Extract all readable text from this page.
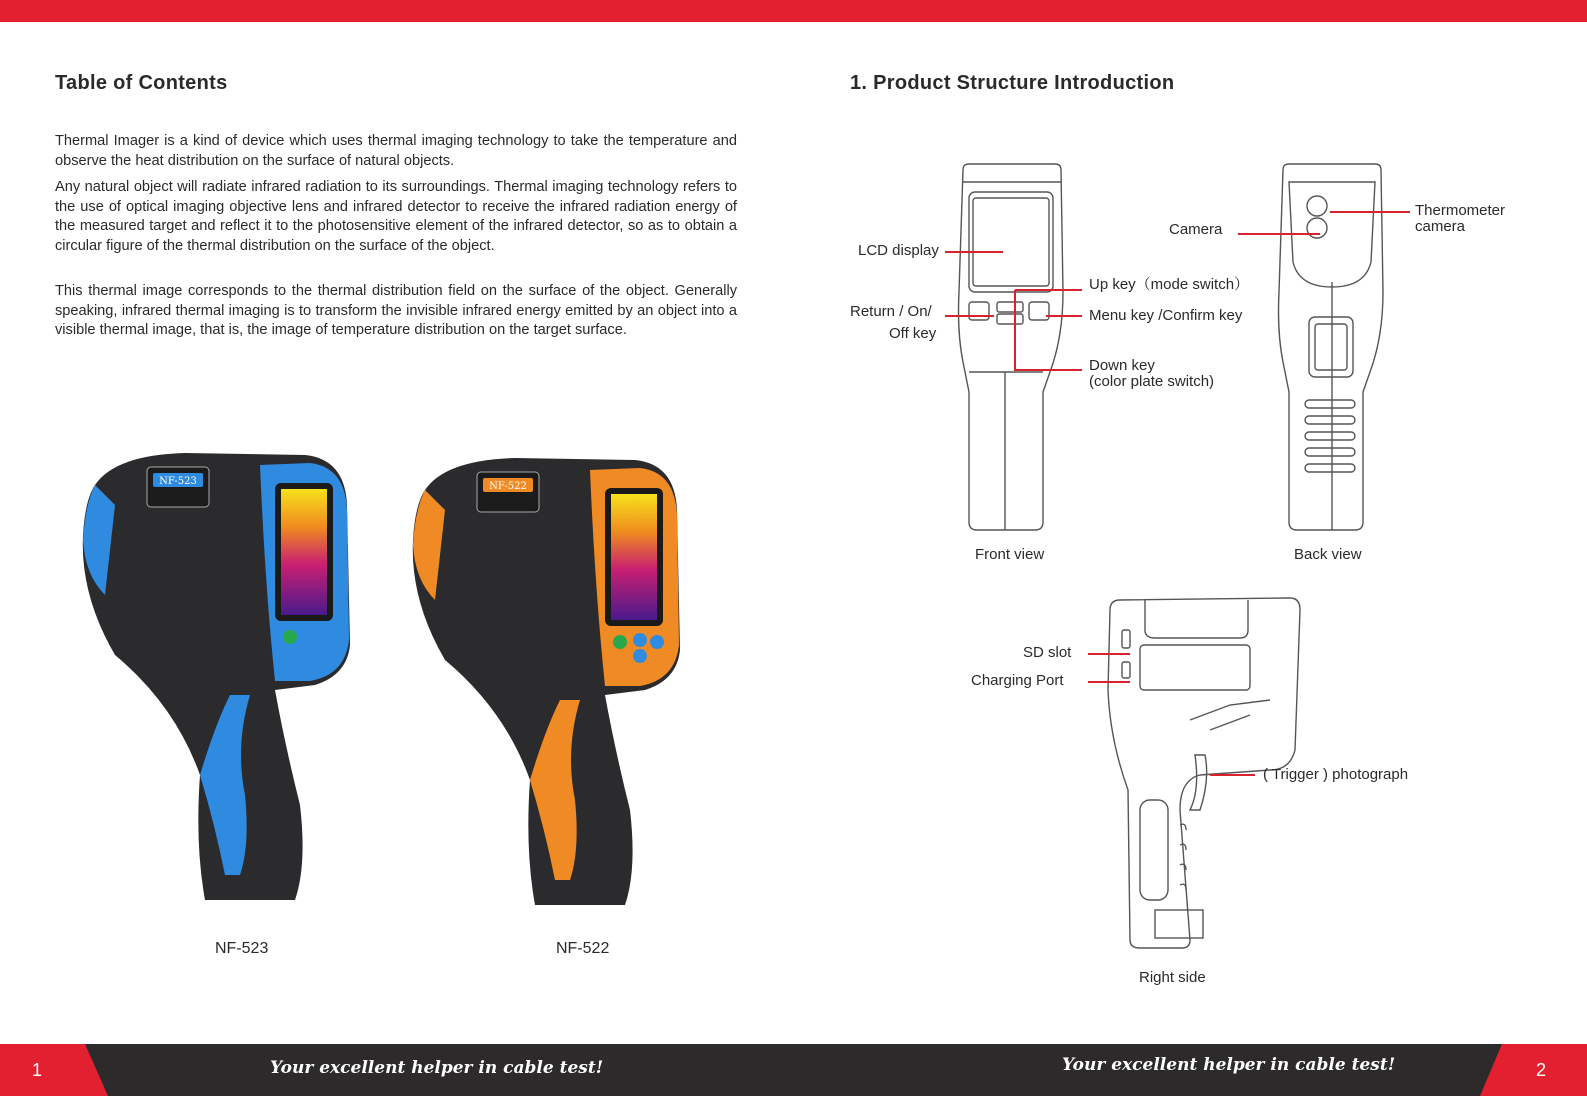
Table of Contents

Thermal Imager is a kind of device which uses thermal imaging technology to take the temperature and observe the heat distribution on the surface of natural objects.

Any natural object will radiate infrared radiation to its surroundings. Thermal imaging technology refers to the use of optical imaging objective lens and infrared detector to receive the infrared radiation energy of the measured target and reflect it to the photosensitive element of the infrared detector, so as to obtain a circular figure of the thermal distribution on the surface of the object.

This thermal image corresponds to the thermal distribution field on the surface of the object. Generally speaking, infrared thermal imaging is to transform the invisible infrared energy emitted by an object into a visible thermal image, that is, the image of temperature distribution on the target surface.

NF-523	NF-522
NF-523	NF-522
1. Product Structure Introduction
LCD display
Return / On/
Off key
Up key（mode switch）
Menu key /Confirm key
Down key
(color plate switch)
Camera
Thermometer
camera
SD slot
Charging Port
( Trigger ) photograph
Front view	Back view
Right side
1	2
Your excellent helper in cable test!	Your excellent helper in cable test!
